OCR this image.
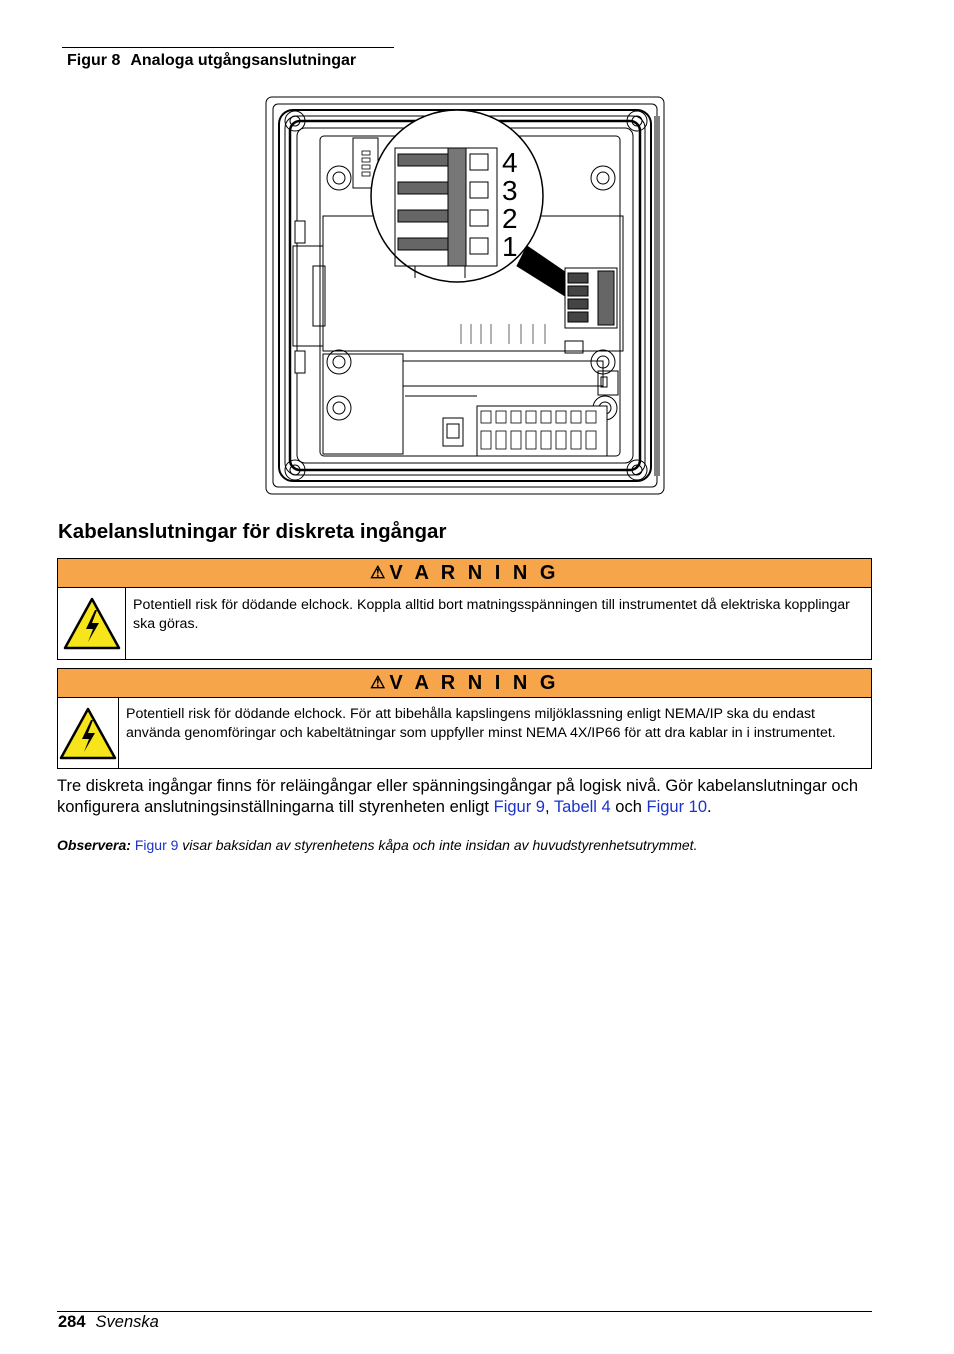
Figur 8 Analoga utgångsanslutningar
4
3
2
1
Kabelanslutningar för diskreta ingångar
⚠ V A R N I N G
Potentiell risk för dödande elchock. Koppla alltid bort matningsspänningen till instrumentet då elektriska kopplingar ska göras.
⚠ V A R N I N G
Potentiell risk för dödande elchock. För att bibehålla kapslingens miljöklassning enligt NEMA/IP ska du endast använda genomföringar och kabeltätningar som uppfyller minst NEMA 4X/IP66 för att dra kablar in i instrumentet.
Tre diskreta ingångar finns för reläingångar eller spänningsingångar på logisk nivå. Gör kabelanslutningar och konfigurera anslutningsinställningarna till styrenheten enligt Figur 9, Tabell 4 och Figur 10.
Observera: Figur 9 visar baksidan av styrenhetens kåpa och inte insidan av huvudstyrenhetsutrymmet.
284 Svenska
